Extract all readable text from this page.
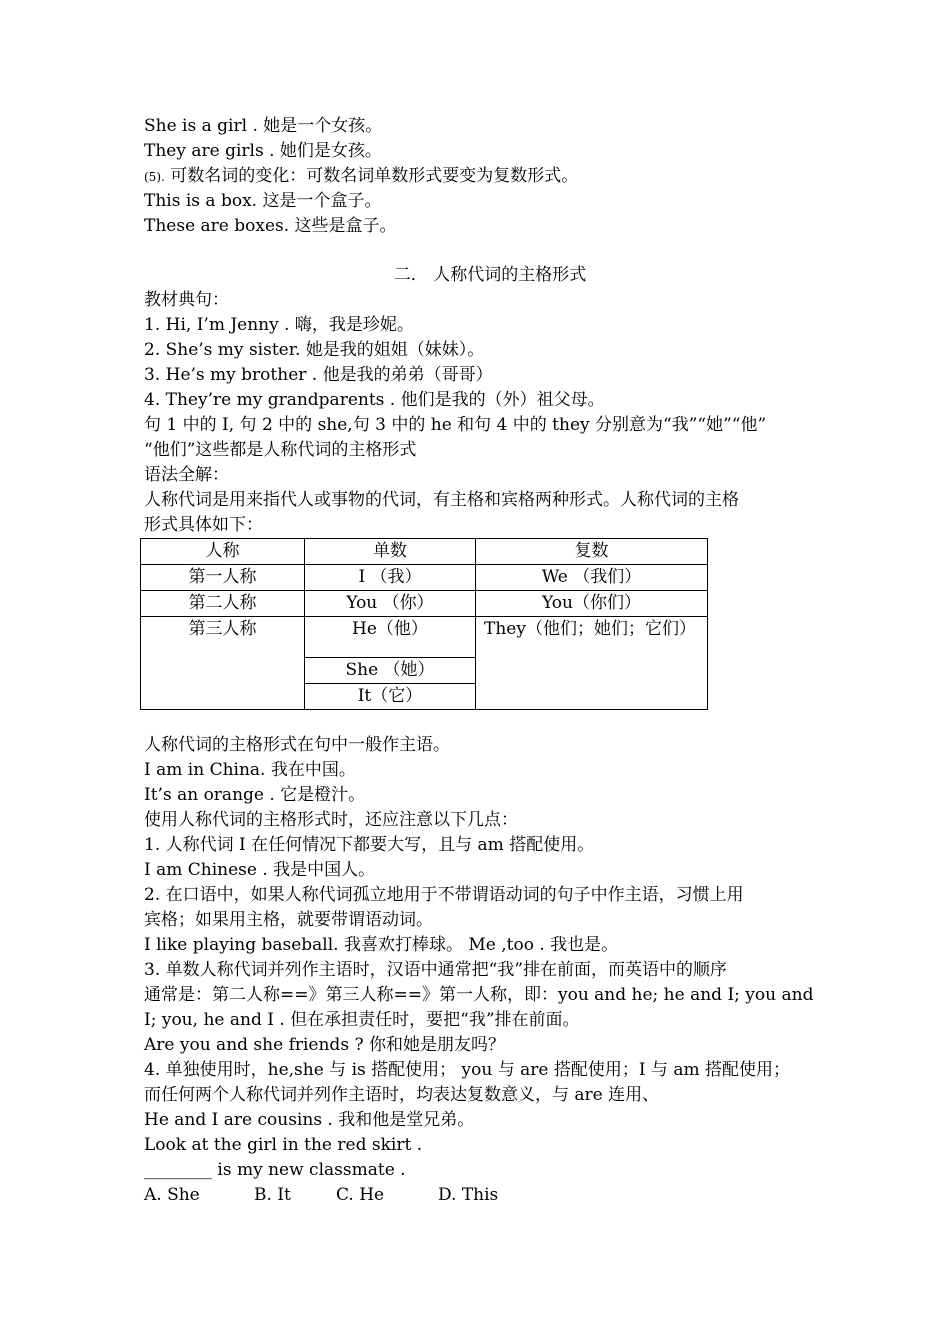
She is a girl . 她是一个女孩。
They are girls . 她们是女孩。
(5). 可数名词的变化：可数名词单数形式要变为复数形式。
This is a box. 这是一个盒子。
These are boxes. 这些是盒子。
二． 人称代词的主格形式
教材典句：
1. Hi, I’m Jenny . 嗨，我是珍妮。
2. She’s my sister. 她是我的姐姐（妹妹）。
3. He’s my brother . 他是我的弟弟（哥哥）
4. They’re my grandparents . 他们是我的（外）祖父母。
句 1 中的 I, 句 2 中的 she,句 3 中的 he 和句 4 中的 they 分别意为“我”“她”“他”
“他们”这些都是人称代词的主格形式
语法全解：
人称代词是用来指代人或事物的代词，有主格和宾格两种形式。人称代词的主格
形式具体如下：
人称	单数	复数
第一人称	I （我）	We （我们）
第二人称	You （你）	You（你们）
第三人称	He（他）	They（他们；她们；它们）
	She （她）	
	It（它）	
人称代词的主格形式在句中一般作主语。
I am in China. 我在中国。
It’s an orange . 它是橙汁。
使用人称代词的主格形式时，还应注意以下几点：
1. 人称代词 I 在任何情况下都要大写，且与 am 搭配使用。
I am Chinese . 我是中国人。
2. 在口语中，如果人称代词孤立地用于不带谓语动词的句子中作主语，习惯上用
宾格；如果用主格，就要带谓语动词。
I like playing baseball. 我喜欢打棒球。 Me ,too . 我也是。
3. 单数人称代词并列作主语时，汉语中通常把“我”排在前面，而英语中的顺序
通常是：第二人称==》第三人称==》第一人称，即：you and he; he and I; you and
I; you, he and I . 但在承担责任时，要把“我”排在前面。
Are you and she friends ? 你和她是朋友吗？
4. 单独使用时，he,she 与 is 搭配使用； you 与 are 搭配使用；I 与 am 搭配使用；
而任何两个人称代词并列作主语时，均表达复数意义，与 are 连用、
He and I are cousins . 我和他是堂兄弟。
Look at the girl in the red skirt .
________ is my new classmate .
A. She	B. It	C. He	D. This
